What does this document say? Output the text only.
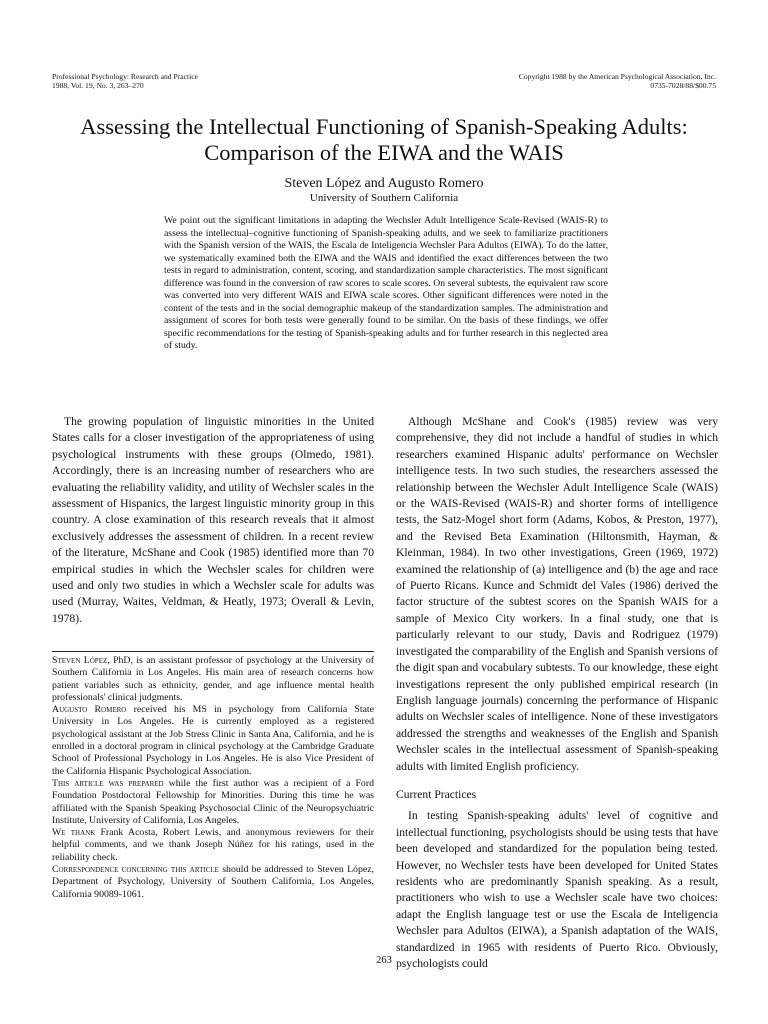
Professional Psychology: Research and Practice
1988, Vol. 19, No. 3, 263–270
Copyright 1988 by the American Psychological Association, Inc.
0735-7028/88/$00.75
Assessing the Intellectual Functioning of Spanish-Speaking Adults:
Comparison of the EIWA and the WAIS
Steven López and Augusto Romero
University of Southern California

We point out the significant limitations in adapting the Wechsler Adult Intelligence Scale-Revised (WAIS-R) to assess the intellectual–cognitive functioning of Spanish-speaking adults, and we seek to familiarize practitioners with the Spanish version of the WAIS, the Escala de Inteligencia Wechsler Para Adultos (EIWA). To do the latter, we systematically examined both the EIWA and the WAIS and identified the exact differences between the two tests in regard to administration, content, scoring, and standardization sample characteristics. The most significant difference was found in the conversion of raw scores to scale scores. On several subtests, the equivalent raw score was converted into very different WAIS and EIWA scale scores. Other significant differences were noted in the content of the tests and in the social demographic makeup of the standardization samples. The administration and assignment of scores for both tests were generally found to be similar. On the basis of these findings, we offer specific recommendations for the testing of Spanish-speaking adults and for further research in this neglected area of study.

The growing population of linguistic minorities in the United States calls for a closer investigation of the appropriateness of using psychological instruments with these groups (Olmedo, 1981). Accordingly, there is an increasing number of researchers who are evaluating the reliability validity, and utility of Wechsler scales in the assessment of Hispanics, the largest linguistic minority group in this country. A close examination of this research reveals that it almost exclusively addresses the assessment of children. In a recent review of the literature, McShane and Cook (1985) identified more than 70 empirical studies in which the Wechsler scales for children were used and only two studies in which a Wechsler scale for adults was used (Murray, Waites, Veldman, & Heatly, 1973; Overall & Levin, 1978).

Steven López, PhD, is an assistant professor of psychology at the University of Southern California in Los Angeles. His main area of research concerns how patient variables such as ethnicity, gender, and age influence mental health professionals' clinical judgments.

Augusto Romero received his MS in psychology from California State University in Los Angeles. He is currently employed as a registered psychological assistant at the Job Stress Clinic in Santa Ana, California, and he is enrolled in a doctoral program in clinical psychology at the Cambridge Graduate School of Professional Psychology in Los Angeles. He is also Vice President of the California Hispanic Psychological Association.

This article was prepared while the first author was a recipient of a Ford Foundation Postdoctoral Fellowship for Minorities. During this time he was affiliated with the Spanish Speaking Psychosocial Clinic of the Neuropsychiatric Institute, University of California, Los Angeles.

We thank Frank Acosta, Robert Lewis, and anonymous reviewers for their helpful comments, and we thank Joseph Núñez for his ratings, used in the reliability check.

Correspondence concerning this article should be addressed to Steven López, Department of Psychology, University of Southern California, Los Angeles, California 90089-1061.

Although McShane and Cook's (1985) review was very comprehensive, they did not include a handful of studies in which researchers examined Hispanic adults' performance on Wechsler intelligence tests. In two such studies, the researchers assessed the relationship between the Wechsler Adult Intelligence Scale (WAIS) or the WAIS-Revised (WAIS-R) and shorter forms of intelligence tests, the Satz-Mogel short form (Adams, Kobos, & Preston, 1977), and the Revised Beta Examination (Hiltonsmith, Hayman, & Kleinman, 1984). In two other investigations, Green (1969, 1972) examined the relationship of (a) intelligence and (b) the age and race of Puerto Ricans. Kunce and Schmidt del Vales (1986) derived the factor structure of the subtest scores on the Spanish WAIS for a sample of Mexico City workers. In a final study, one that is particularly relevant to our study, Davis and Rodriguez (1979) investigated the comparability of the English and Spanish versions of the digit span and vocabulary subtests. To our knowledge, these eight investigations represent the only published empirical research (in English language journals) concerning the performance of Hispanic adults on Wechsler scales of intelligence. None of these investigators addressed the strengths and weaknesses of the English and Spanish Wechsler scales in the intellectual assessment of Spanish-speaking adults with limited English proficiency.

Current Practices

In testing Spanish-speaking adults' level of cognitive and intellectual functioning, psychologists should be using tests that have been developed and standardized for the population being tested. However, no Wechsler tests have been developed for United States residents who are predominantly Spanish speaking. As a result, practitioners who wish to use a Wechsler scale have two choices: adapt the English language test or use the Escala de Inteligencia Wechsler para Adultos (EIWA), a Spanish adaptation of the WAIS, standardized in 1965 with residents of Puerto Rico. Obviously, psychologists could

263
